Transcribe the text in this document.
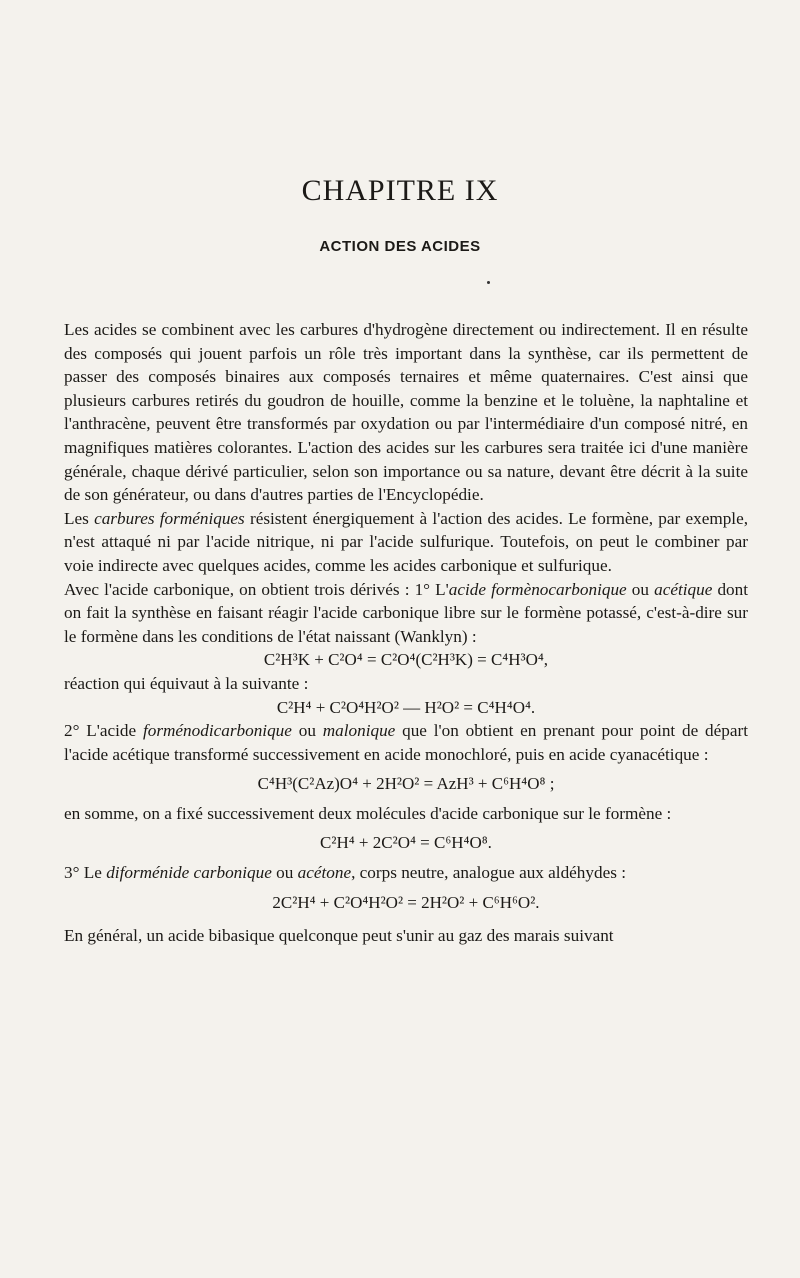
CHAPITRE IX
ACTION DES ACIDES

Les acides se combinent avec les carbures d'hydrogène directement ou indirectement. Il en résulte des composés qui jouent parfois un rôle très important dans la synthèse, car ils permettent de passer des composés binaires aux composés ternaires et même quaternaires. C'est ainsi que plusieurs carbures retirés du goudron de houille, comme la benzine et le toluène, la naphtaline et l'anthracène, peuvent être transformés par oxydation ou par l'intermédiaire d'un composé nitré, en magnifiques matières colorantes. L'action des acides sur les carbures sera traitée ici d'une manière générale, chaque dérivé particulier, selon son importance ou sa nature, devant être décrit à la suite de son générateur, ou dans d'autres parties de l'Encyclopédie.

Les carbures forméniques résistent énergiquement à l'action des acides. Le formène, par exemple, n'est attaqué ni par l'acide nitrique, ni par l'acide sulfurique. Toutefois, on peut le combiner par voie indirecte avec quelques acides, comme les acides carbonique et sulfurique.

Avec l'acide carbonique, on obtient trois dérivés : 1° L'acide formènocarbonique ou acétique dont on fait la synthèse en faisant réagir l'acide carbonique libre sur le formène potassé, c'est-à-dire sur le formène dans les conditions de l'état naissant (Wanklyn) :

C²H³K + C²O⁴ = C²O⁴(C²H³K) = C⁴H³O⁴,

réaction qui équivaut à la suivante :

C²H⁴ + C²O⁴H²O² — H²O² = C⁴H⁴O⁴.

2° L'acide forménodicarbonique ou malonique que l'on obtient en prenant pour point de départ l'acide acétique transformé successivement en acide monochloré, puis en acide cyanacétique :

C⁴H³(C²Az)O⁴ + 2H²O² = AzH³ + C⁶H⁴O⁸ ;

en somme, on a fixé successivement deux molécules d'acide carbonique sur le formène :

C²H⁴ + 2C²O⁴ = C⁶H⁴O⁸.

3° Le diforménide carbonique ou acétone, corps neutre, analogue aux aldéhydes :

2C²H⁴ + C²O⁴H²O² = 2H²O² + C⁶H⁶O².

En général, un acide bibasique quelconque peut s'unir au gaz des marais suivant
